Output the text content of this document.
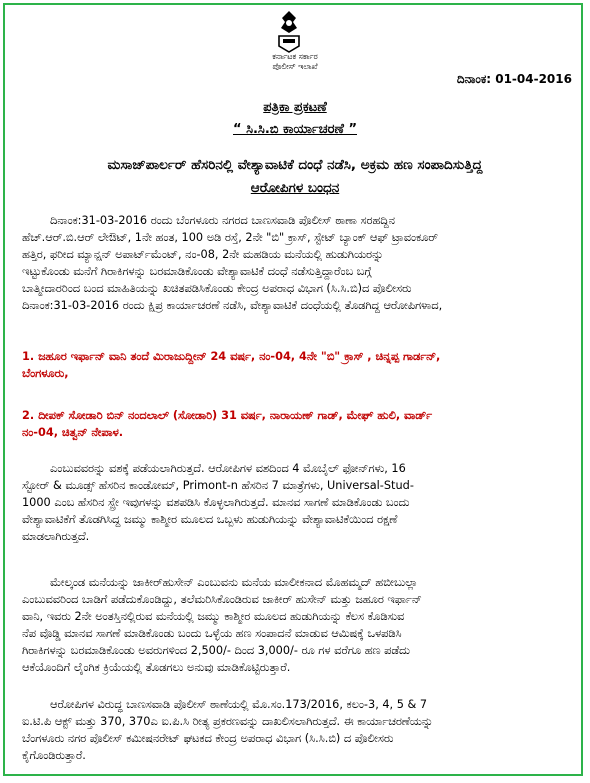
ಕರ್ನಾಟಕ ಸರ್ಕಾರ
ಪೊಲೀಸ್ ಇಲಾಖೆ
ದಿನಾಂಕ: 01-04-2016
ಪತ್ರಿಕಾ ಪ್ರಕಟಣೆ
“ ಸಿ.ಸಿ.ಬಿ ಕಾರ್ಯಾಚರಣೆ ”
ಮಸಾಜ್‌ಪಾರ್ಲರ್ ಹೆಸರಿನಲ್ಲಿ ವೇಶ್ಯಾವಾಟಿಕೆ ದಂಧೆ ನಡೆಸಿ, ಅಕ್ರಮ ಹಣ ಸಂಪಾದಿಸುತ್ತಿದ್ದ
ಆರೋಪಿಗಳ ಬಂಧನ
ದಿನಾಂಕ:31-03-2016 ರಂದು ಬೆಂಗಳೂರು ನಗರದ ಬಾಣಸವಾಡಿ ಪೊಲೀಸ್ ಠಾಣಾ ಸರಹದ್ದಿನ
ಹೆಚ್.ಆರ್.ಬಿ.ಆರ್ ಲೇಔಟ್, 1ನೇ ಹಂತ, 100 ಅಡಿ ರಸ್ತೆ, 2ನೇ "ಬಿ" ಕ್ರಾಸ್, ಸ್ಟೇಟ್ ಬ್ಯಾಂಕ್ ಆಫ್ ಟ್ರಾವಂಕೂರ್
ಹತ್ತಿರ, ಫರೀದ ಮ್ಯಾನ್ಷನ್ ಅಪಾರ್ಟ್‌ಮೆಂಟ್, ನಂ-08, 2ನೇ ಮಹಡಿಯ ಮನೆಯಲ್ಲಿ ಹುಡುಗಿಯರನ್ನು
ಇಟ್ಟುಕೊಂಡು ಮನೆಗೆ ಗಿರಾಕಿಗಳನ್ನು ಬರಮಾಡಿಕೊಂಡು ವೇಶ್ಯಾವಾಟಿಕೆ ದಂಧೆ ನಡೆಸುತ್ತಿದ್ದಾರೆಂಬ ಬಗ್ಗೆ
ಬಾತ್ಮೀದಾರರಿಂದ ಬಂದ ಮಾಹಿತಿಯನ್ನು ಖಚಿತಪಡಿಸಿಕೊಂಡು ಕೇಂದ್ರ ಅಪರಾಧ ವಿಭಾಗ (ಸಿ.ಸಿ.ಬಿ)ದ ಪೊಲೀಸರು
ದಿನಾಂಕ:31-03-2016 ರಂದು ಕ್ಷಿಪ್ರ ಕಾರ್ಯಾಚರಣೆ ನಡೆಸಿ, ವೇಶ್ಯಾವಾಟಿಕೆ ದಂಧೆಯಲ್ಲಿ ತೊಡಗಿದ್ದ ಆರೋಪಿಗಳಾದ,
1. ಜಹೂರ ಇರ್ಫಾನ್ ವಾನಿ ತಂದೆ ಮಿರಾಜುದ್ದೀನ್ 24 ವರ್ಷ, ನಂ-04, 4ನೇ "ಬಿ" ಕ್ರಾಸ್ , ಚಿನ್ನಪ್ಪ ಗಾರ್ಡನ್,
ಬೆಂಗಳೂರು,
2. ದೀಪಕ್ ಸೋಡಾರಿ ಬಿನ್ ನಂದಲಾಲ್ (ಸೋಡಾರಿ) 31 ವರ್ಷ, ನಾರಾಯಣ್ ಗಾಡ್, ಮೇಘ್ ಹುಲಿ, ವಾರ್ಡ್
ನಂ-04, ಚಿತ್ವನ್ ನೇಪಾಳ.
ಎಂಬುವವರನ್ನು ವಶಕ್ಕೆ ಪಡೆಯಲಾಗಿರುತ್ತದೆ. ಆರೋಪಿಗಳ ವಶದಿಂದ 4 ಮೊಬೈಲ್ ಫೋನ್‌ಗಳು, 16
ಸ್ಟೋರ್ & ಮೂಡ್ಸ್ ಹೆಸರಿನ ಕಾಂಡೋಮ್, Primont-n ಹೆಸರಿನ 7 ಮಾತ್ರೆಗಳು, Universal-Stud-
1000 ಎಂಬ ಹೆಸರಿನ ಸ್ಪ್ರೇ ಇವುಗಳನ್ನು ವಶಪಡಿಸಿ ಕೊಳ್ಳಲಾಗಿರುತ್ತದೆ. ಮಾನವ ಸಾಗಣೆ ಮಾಡಿಕೊಂಡು ಬಂದು
ವೇಶ್ಯಾವಾಟಿಕೆಗೆ ತೊಡಗಿಸಿದ್ದ ಜಮ್ಮು ಕಾಶ್ಮೀರ ಮೂಲದ ಒಬ್ಬಳು ಹುಡುಗಿಯನ್ನು ವೇಶ್ಯಾವಾಟಿಕೆಯಿಂದ ರಕ್ಷಣೆ
ಮಾಡಲಾಗಿರುತ್ತದೆ.
ಮೇಲ್ಕಂಡ ಮನೆಯನ್ನು ಜಾಕೀರ್‌ಹುಸೇನ್ ಎಂಬುವನು ಮನೆಯ ಮಾಲೀಕನಾದ ಮೊಹಮ್ಮದ್ ಹಬೀಬುಲ್ಲಾ
ಎಂಬುವವರಿಂದ ಬಾಡಿಗೆ ಪಡೆದುಕೊಂಡಿದ್ದು, ತಲೆಮರಿಸಿಕೊಂಡಿರುವ ಜಾಕೀರ್ ಹುಸೇನ್ ಮತ್ತು ಜಹೂರ ಇರ್ಫಾನ್
ವಾನಿ, ಇವರು 2ನೇ ಅಂತಸ್ತಿನಲ್ಲಿರುವ ಮನೆಯಲ್ಲಿ ಜಮ್ಮು ಕಾಶ್ಮೀರ ಮೂಲದ ಹುಡುಗಿಯನ್ನು ಕೆಲಸ ಕೊಡಿಸುವ
ನೆಪ ವೊಡ್ಡಿ ಮಾನವ ಸಾಗಣೆ ಮಾಡಿಕೊಂಡು ಬಂದು ಒಳ್ಳೆಯ ಹಣ ಸಂಪಾದನೆ ಮಾಡುವ ಆಮಿಷಕ್ಕೆ ಒಳಪಡಿಸಿ
ಗಿರಾಕಿಗಳನ್ನು ಬರಮಾಡಿಕೊಂಡು ಅವರುಗಳಿಂದ 2,500/- ದಿಂದ 3,000/- ರೂ ಗಳ ವರೆಗೂ ಹಣ ಪಡೆದು
ಆಕೆಯೊಂದಿಗೆ ಲೈಂಗಿಕ ಕ್ರಿಯೆಯಲ್ಲಿ ತೊಡಗಲು ಅನುವು ಮಾಡಿಕೊಟ್ಟಿರುತ್ತಾರೆ.
ಆರೋಪಿಗಳ ವಿರುದ್ಧ ಬಾಣಸವಾಡಿ ಪೊಲೀಸ್ ಠಾಣೆಯಲ್ಲಿ ಮೊ.ಸಂ.173/2016, ಕಲಂ-3, 4, 5 & 7
ಐ.ಟಿ.ಪಿ ಆಕ್ಟ್ ಮತ್ತು 370, 370ಎ ಐ.ಪಿ.ಸಿ ರೀತ್ಯ ಪ್ರಕರಣವನ್ನು ದಾಖಲಿಸಲಾಗಿರುತ್ತದೆ. ಈ ಕಾರ್ಯಾಚರಣೆಯನ್ನು
ಬೆಂಗಳೂರು ನಗರ ಪೊಲೀಸ್ ಕಮೀಷನರೇಟ್ ಘಟಕದ ಕೇಂದ್ರ ಅಪರಾಧ ವಿಭಾಗ (ಸಿ.ಸಿ.ಬಿ) ದ ಪೊಲೀಸರು
ಕೈಗೊಂಡಿರುತ್ತಾರೆ.
